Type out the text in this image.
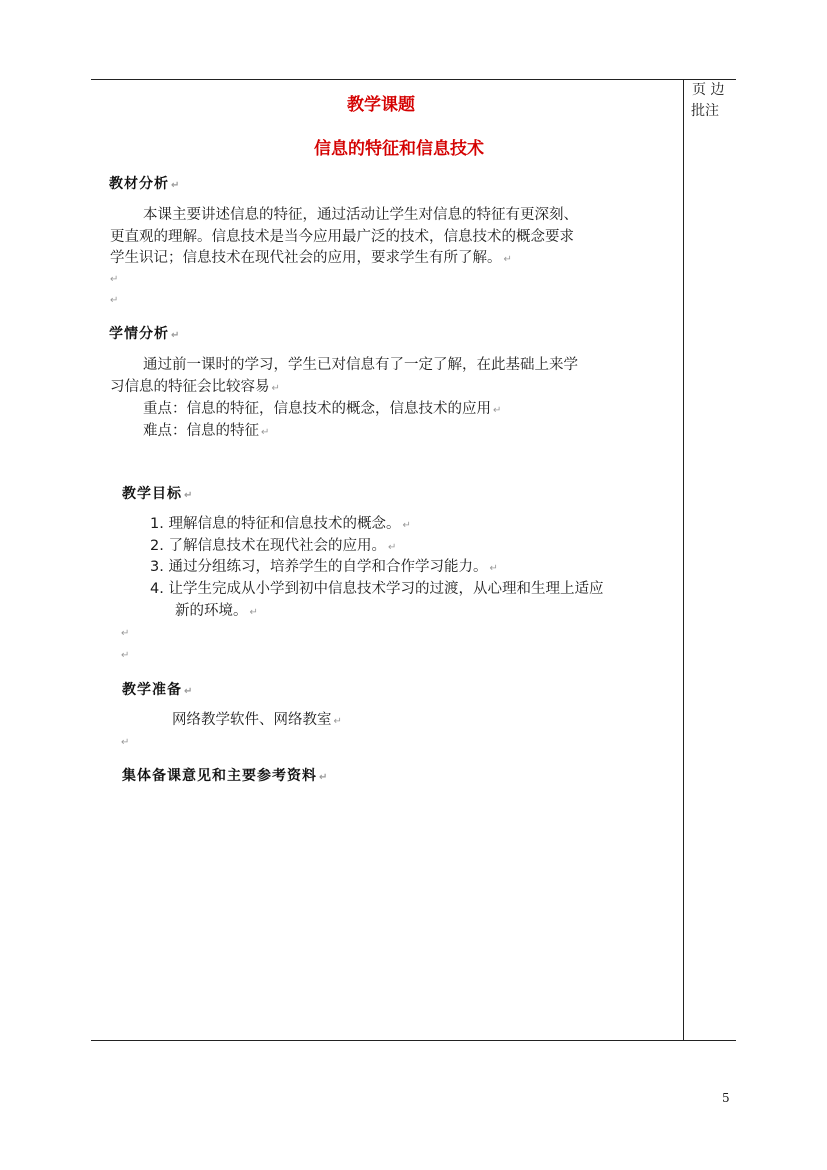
页 边
批注
教学课题
信息的特征和信息技术
教材分析 ↵
本课主要讲述信息的特征，通过活动让学生对信息的特征有更深刻、
更直观的理解。信息技术是当今应用最广泛的技术，信息技术的概念要求
学生识记；信息技术在现代社会的应用，要求学生有所了解。 ↵
↵
↵
学情分析 ↵
通过前一课时的学习，学生已对信息有了一定了解，在此基础上来学
习信息的特征会比较容易 ↵
重点：信息的特征，信息技术的概念，信息技术的应用 ↵
难点：信息的特征 ↵
教学目标 ↵
1. 理解信息的特征和信息技术的概念。 ↵
2. 了解信息技术在现代社会的应用。 ↵
3. 通过分组练习，培养学生的自学和合作学习能力。 ↵
4. 让学生完成从小学到初中信息技术学习的过渡，从心理和生理上适应
新的环境。 ↵
↵
↵
教学准备 ↵
网络教学软件、网络教室 ↵
↵
集体备课意见和主要参考资料 ↵
5
